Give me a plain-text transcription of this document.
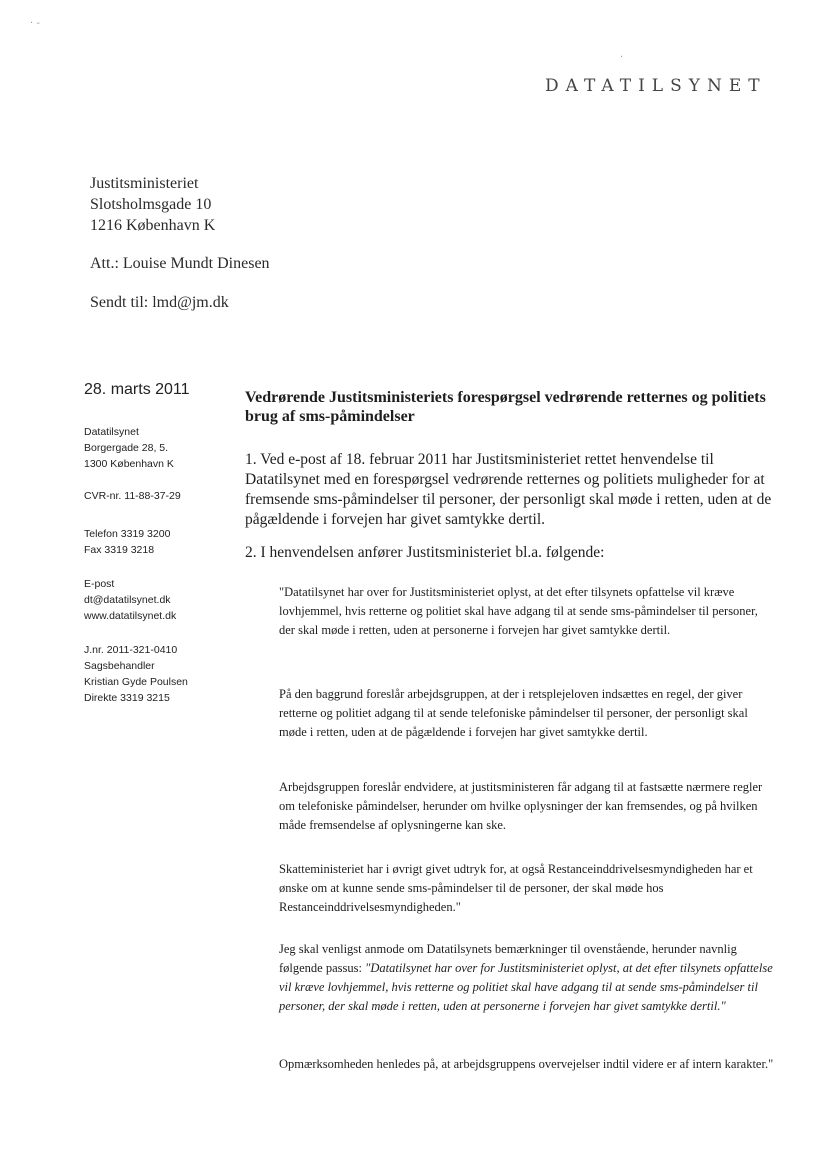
· -
·
DATATILSYNET
Justitsministeriet
Slotsholmsgade 10
1216 København K
Att.: Louise Mundt Dinesen
Sendt til: lmd@jm.dk
28. marts 2011

Datatilsynet

Borgergade 28, 5.

1300 København K

CVR-nr. 11-88-37-29

Telefon 3319 3200

Fax 3319 3218

E-post

dt@datatilsynet.dk

www.datatilsynet.dk

J.nr. 2011-321-0410

Sagsbehandler

Kristian Gyde Poulsen

Direkte 3319 3215

Vedrørende Justitsministeriets forespørgsel vedrørende retternes og politiets brug af sms-påmindelser
1. Ved e-post af 18. februar 2011 har Justitsministeriet rettet henvendelse til Datatilsynet med en forespørgsel vedrørende retternes og politiets muligheder for at fremsende sms-påmindelser til personer, der personligt skal møde i retten, uden at de pågældende i forvejen har givet samtykke dertil.
2. I henvendelsen anfører Justitsministeriet bl.a. følgende:

"Datatilsynet har over for Justitsministeriet oplyst, at det efter tilsynets opfattelse vil kræve lovhjemmel, hvis retterne og politiet skal have adgang til at sende sms-påmindelser til personer, der skal møde i retten, uden at personerne i forvejen har givet samtykke dertil.

På den baggrund foreslår arbejdsgruppen, at der i retsplejeloven indsættes en regel, der giver retterne og politiet adgang til at sende telefoniske påmindelser til personer, der personligt skal møde i retten, uden at de pågældende i forvejen har givet samtykke dertil.

Arbejdsgruppen foreslår endvidere, at justitsministeren får adgang til at fastsætte nærmere regler om telefoniske påmindelser, herunder om hvilke oplysninger der kan fremsendes, og på hvilken måde fremsendelse af oplysningerne kan ske.

Skatteministeriet har i øvrigt givet udtryk for, at også Restanceinddrivelsesmyndigheden har et ønske om at kunne sende sms-påmindelser til de personer, der skal møde hos Restanceinddrivelsesmyndigheden."

Jeg skal venligst anmode om Datatilsynets bemærkninger til ovenstående, herunder navnlig følgende passus: "Datatilsynet har over for Justitsministeriet oplyst, at det efter tilsynets opfattelse vil kræve lovhjemmel, hvis retterne og politiet skal have adgang til at sende sms-påmindelser til personer, der skal møde i retten, uden at personerne i forvejen har givet samtykke dertil."

Opmærksomheden henledes på, at arbejdsgruppens overvejelser indtil videre er af intern karakter."
